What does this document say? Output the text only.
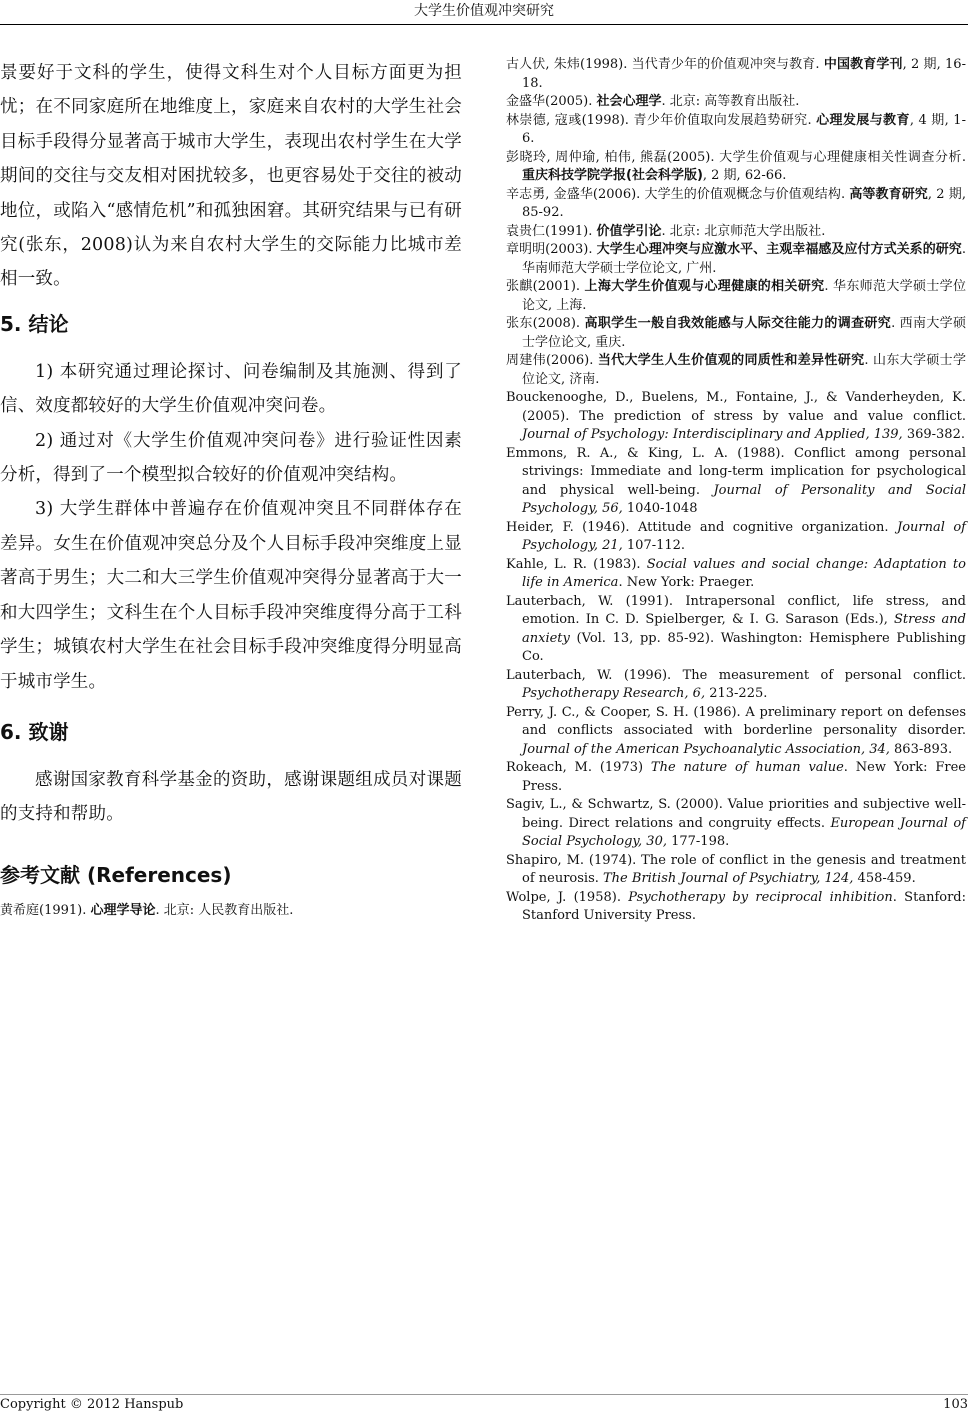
大学生价值观冲突研究

景要好于文科的学生，使得文科生对个人目标方面更为担忧；在不同家庭所在地维度上，家庭来自农村的大学生社会目标手段得分显著高于城市大学生，表现出农村学生在大学期间的交往与交友相对困扰较多，也更容易处于交往的被动地位，或陷入“感情危机”和孤独困窘。其研究结果与已有研究(张东，2008)认为来自农村大学生的交际能力比城市差相一致。

5. 结论

1) 本研究通过理论探讨、问卷编制及其施测、得到了信、效度都较好的大学生价值观冲突问卷。

2) 通过对《大学生价值观冲突问卷》进行验证性因素分析，得到了一个模型拟合较好的价值观冲突结构。

3) 大学生群体中普遍存在价值观冲突且不同群体存在差异。女生在价值观冲突总分及个人目标手段冲突维度上显著高于男生；大二和大三学生价值观冲突得分显著高于大一和大四学生；文科生在个人目标手段冲突维度得分高于工科学生；城镇农村大学生在社会目标手段冲突维度得分明显高于城市学生。

6. 致谢

感谢国家教育科学基金的资助，感谢课题组成员对课题的支持和帮助。

参考文献 (References)

黄希庭(1991). 心理学导论. 北京: 人民教育出版社.

古人伏, 朱炜(1998). 当代青少年的价值观冲突与教育. 中国教育学刊, 2 期, 16-18.

金盛华(2005). 社会心理学. 北京: 高等教育出版社.

林崇德, 寇彧(1998). 青少年价值取向发展趋势研究. 心理发展与教育, 4 期, 1-6.

彭晓玲, 周仲瑜, 柏伟, 熊磊(2005). 大学生价值观与心理健康相关性调查分析. 重庆科技学院学报(社会科学版), 2 期, 62-66.

辛志勇, 金盛华(2006). 大学生的价值观概念与价值观结构. 高等教育研究, 2 期, 85-92.

袁贵仁(1991). 价值学引论. 北京: 北京师范大学出版社.

章明明(2003). 大学生心理冲突与应激水平、主观幸福感及应付方式关系的研究. 华南师范大学硕士学位论文, 广州.

张麒(2001). 上海大学生价值观与心理健康的相关研究. 华东师范大学硕士学位论文, 上海.

张东(2008). 高职学生一般自我效能感与人际交往能力的调查研究. 西南大学硕士学位论文, 重庆.

周建伟(2006). 当代大学生人生价值观的同质性和差异性研究. 山东大学硕士学位论文, 济南.

Bouckenooghe, D., Buelens, M., Fontaine, J., & Vanderheyden, K. (2005). The prediction of stress by value and value conflict. Journal of Psychology: Interdisciplinary and Applied, 139, 369-382.

Emmons, R. A., & King, L. A. (1988). Conflict among personal strivings: Immediate and long-term implication for psychological and physical well-being. Journal of Personality and Social Psychology, 56, 1040-1048

Heider, F. (1946). Attitude and cognitive organization. Journal of Psychology, 21, 107-112.

Kahle, L. R. (1983). Social values and social change: Adaptation to life in America. New York: Praeger.

Lauterbach, W. (1991). Intrapersonal conflict, life stress, and emotion. In C. D. Spielberger, & I. G. Sarason (Eds.), Stress and anxiety (Vol. 13, pp. 85-92). Washington: Hemisphere Publishing Co.

Lauterbach, W. (1996). The measurement of personal conflict. Psychotherapy Research, 6, 213-225.

Perry, J. C., & Cooper, S. H. (1986). A preliminary report on defenses and conflicts associated with borderline personality disorder. Journal of the American Psychoanalytic Association, 34, 863-893.

Rokeach, M. (1973) The nature of human value. New York: Free Press.

Sagiv, L., & Schwartz, S. (2000). Value priorities and subjective well-being. Direct relations and congruity effects. European Journal of Social Psychology, 30, 177-198.

Shapiro, M. (1974). The role of conflict in the genesis and treatment of neurosis. The British Journal of Psychiatry, 124, 458-459.

Wolpe, J. (1958). Psychotherapy by reciprocal inhibition. Stanford: Stanford University Press.

Copyright © 2012 Hanspub	103
